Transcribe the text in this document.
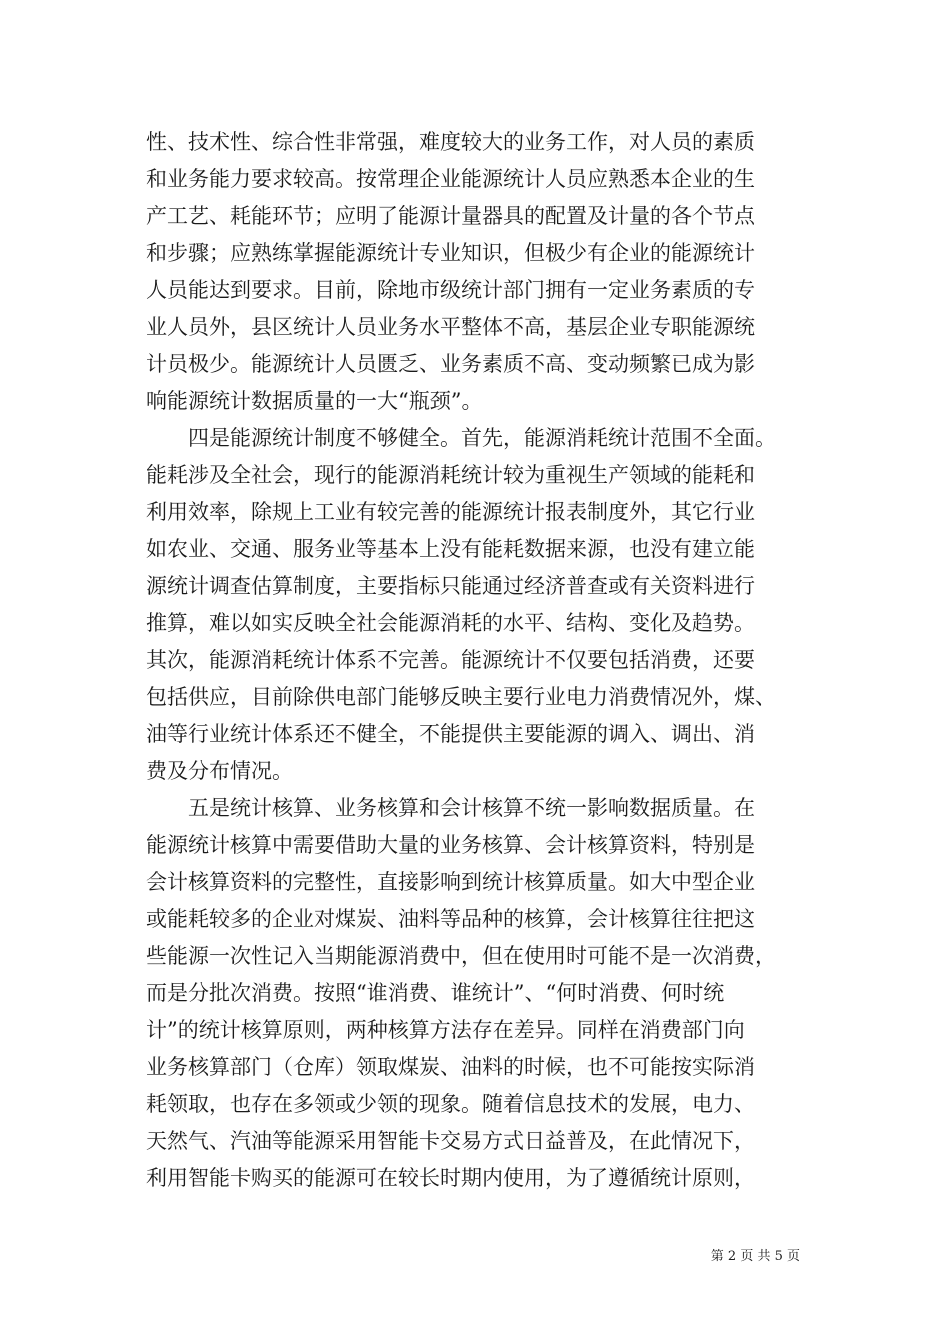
性、技术性、综合性非常强，难度较大的业务工作，对人员的素质
和业务能力要求较高。按常理企业能源统计人员应熟悉本企业的生
产工艺、耗能环节；应明了能源计量器具的配置及计量的各个节点
和步骤；应熟练掌握能源统计专业知识，但极少有企业的能源统计
人员能达到要求。目前，除地市级统计部门拥有一定业务素质的专
业人员外，县区统计人员业务水平整体不高，基层企业专职能源统
计员极少。能源统计人员匮乏、业务素质不高、变动频繁已成为影
响能源统计数据质量的一大“瓶颈”。
四是能源统计制度不够健全。首先，能源消耗统计范围不全面。
能耗涉及全社会，现行的能源消耗统计较为重视生产领域的能耗和
利用效率，除规上工业有较完善的能源统计报表制度外，其它行业
如农业、交通、服务业等基本上没有能耗数据来源，也没有建立能
源统计调查估算制度，主要指标只能通过经济普查或有关资料进行
推算，难以如实反映全社会能源消耗的水平、结构、变化及趋势。
其次，能源消耗统计体系不完善。能源统计不仅要包括消费，还要
包括供应，目前除供电部门能够反映主要行业电力消费情况外，煤、
油等行业统计体系还不健全，不能提供主要能源的调入、调出、消
费及分布情况。
五是统计核算、业务核算和会计核算不统一影响数据质量。在
能源统计核算中需要借助大量的业务核算、会计核算资料，特别是
会计核算资料的完整性，直接影响到统计核算质量。如大中型企业
或能耗较多的企业对煤炭、油料等品种的核算，会计核算往往把这
些能源一次性记入当期能源消费中，但在使用时可能不是一次消费，
而是分批次消费。按照“谁消费、谁统计”、“何时消费、何时统
计”的统计核算原则，两种核算方法存在差异。同样在消费部门向
业务核算部门（仓库）领取煤炭、油料的时候，也不可能按实际消
耗领取，也存在多领或少领的现象。随着信息技术的发展，电力、
天然气、汽油等能源采用智能卡交易方式日益普及，在此情况下，
利用智能卡购买的能源可在较长时期内使用，为了遵循统计原则，
第 2 页 共 5 页
